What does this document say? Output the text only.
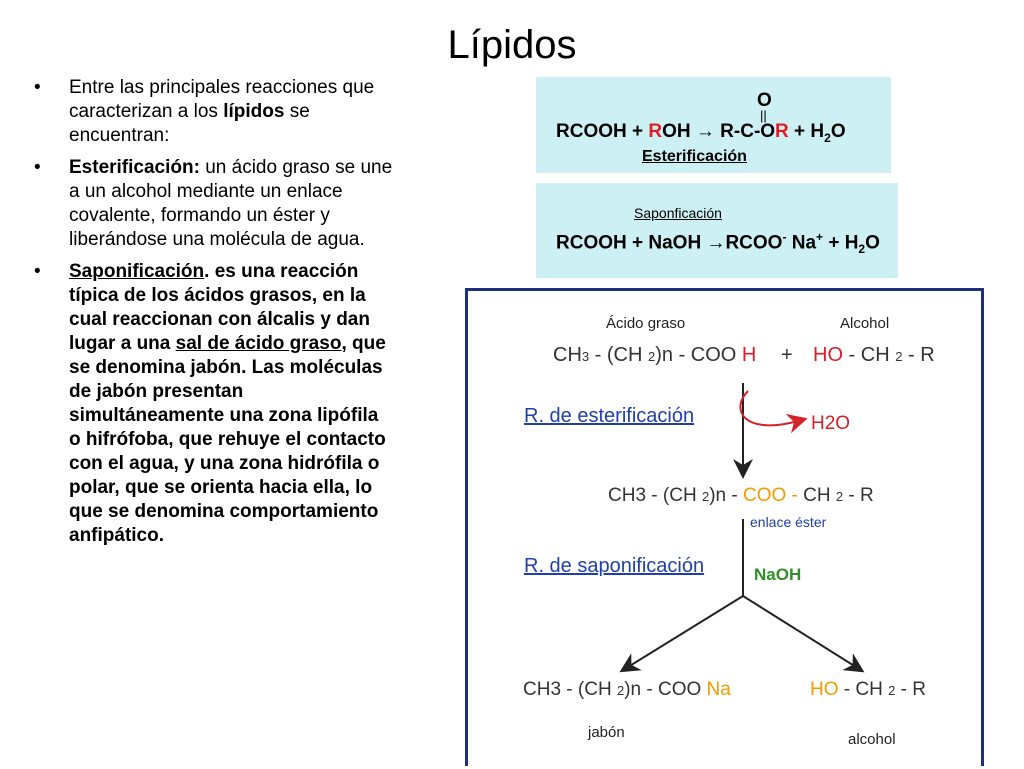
Lípidos
• Entre las principales reacciones que caracterizan a los lípidos se encuentran:
• Esterificación: un ácido graso se une a un alcohol mediante un enlace covalente, formando un éster y liberándose una molécula de agua.
• Saponificación. es una reacción típica de los ácidos grasos, en la cual reaccionan con álcalis y dan lugar a una sal de ácido graso, que se denomina jabón. Las moléculas de jabón presentan simultáneamente una zona lipófila o hifrófoba, que rehuye el contacto con el agua, y una zona hidrófila o polar, que se orienta hacia ella, lo que se denomina comportamiento anfipático.
O
||
RCOOH + ROH → $R-C-OR + H_2O$
Esterificación
Saponficación
RCOOH + NaOH →RCOO- $Na^+ + H_2O$
Ácido graso	Alcohol
CH3 - (CH 2)n - COO H + HO - CH 2 - R
R. de esterificación	H2O
CH3 - (CH 2)n - COO - CH 2 - R
enlace éster
R. de saponificación	NaOH
CH3 - (CH 2)n - COO Na	HO - CH 2 - R
jabón	alcohol
